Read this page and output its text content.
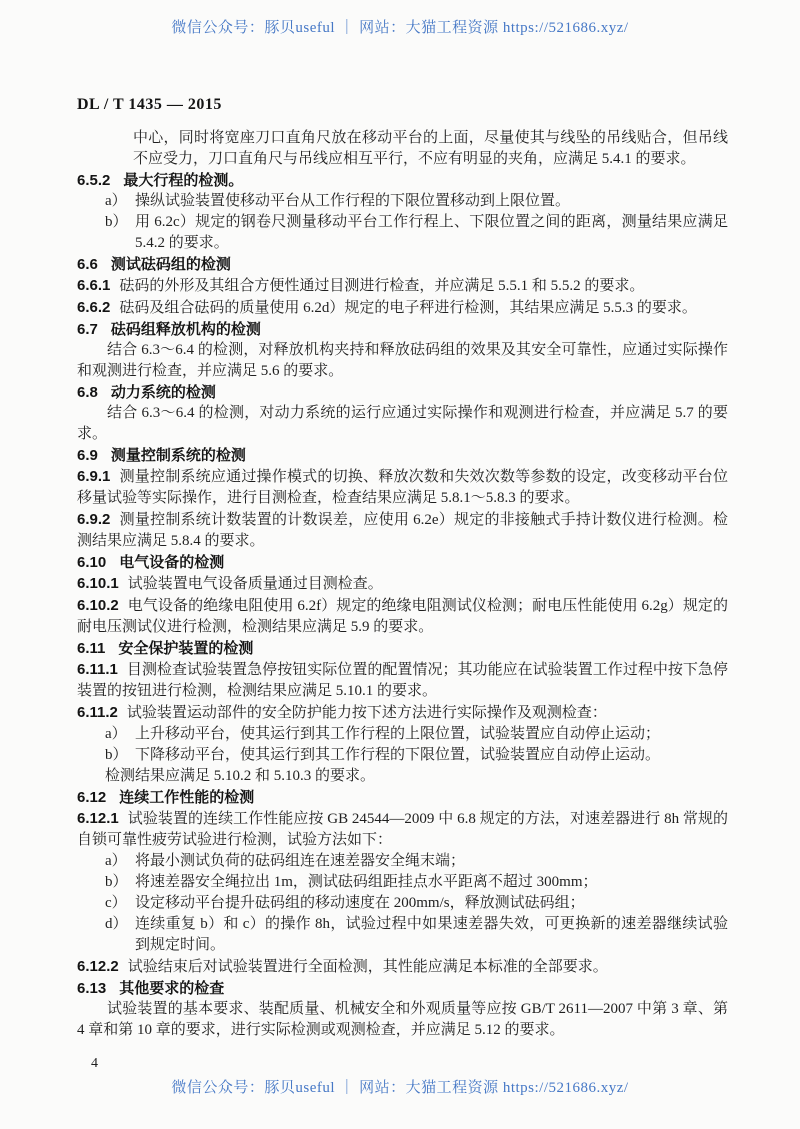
微信公众号：豚贝useful ｜ 网站：大猫工程资源 https://521686.xyz/

DL / T 1435 — 2015

中心，同时将宽座刀口直角尺放在移动平台的上面，尽量使其与线坠的吊线贴合，但吊线不应受力，刀口直角尺与吊线应相互平行，不应有明显的夹角，应满足 5.4.1 的要求。

6.5.2 最大行程的检测。
a） 操纵试验装置使移动平台从工作行程的下限位置移动到上限位置。
b） 用 6.2c）规定的钢卷尺测量移动平台工作行程上、下限位置之间的距离，测量结果应满足 5.4.2 的要求。
6.6 测试砝码组的检测

6.6.1 砝码的外形及其组合方便性通过目测进行检查，并应满足 5.5.1 和 5.5.2 的要求。

6.6.2 砝码及组合砝码的质量使用 6.2d）规定的电子秤进行检测，其结果应满足 5.5.3 的要求。

6.7 砝码组释放机构的检测

结合 6.3～6.4 的检测，对释放机构夹持和释放砝码组的效果及其安全可靠性，应通过实际操作和观测进行检查，并应满足 5.6 的要求。

6.8 动力系统的检测

结合 6.3～6.4 的检测，对动力系统的运行应通过实际操作和观测进行检查，并应满足 5.7 的要求。

6.9 测量控制系统的检测

6.9.1 测量控制系统应通过操作模式的切换、释放次数和失效次数等参数的设定，改变移动平台位移量试验等实际操作，进行目测检查，检查结果应满足 5.8.1～5.8.3 的要求。

6.9.2 测量控制系统计数装置的计数误差，应使用 6.2e）规定的非接触式手持计数仪进行检测。检测结果应满足 5.8.4 的要求。

6.10 电气设备的检测

6.10.1 试验装置电气设备质量通过目测检查。

6.10.2 电气设备的绝缘电阻使用 6.2f）规定的绝缘电阻测试仪检测；耐电压性能使用 6.2g）规定的耐电压测试仪进行检测，检测结果应满足 5.9 的要求。

6.11 安全保护装置的检测

6.11.1 目测检查试验装置急停按钮实际位置的配置情况；其功能应在试验装置工作过程中按下急停装置的按钮进行检测，检测结果应满足 5.10.1 的要求。

6.11.2 试验装置运动部件的安全防护能力按下述方法进行实际操作及观测检查：

a） 上升移动平台，使其运行到其工作行程的上限位置，试验装置应自动停止运动；
b） 下降移动平台，使其运行到其工作行程的下限位置，试验装置应自动停止运动。

检测结果应满足 5.10.2 和 5.10.3 的要求。

6.12 连续工作性能的检测

6.12.1 试验装置的连续工作性能应按 GB 24544—2009 中 6.8 规定的方法，对速差器进行 8h 常规的自锁可靠性疲劳试验进行检测，试验方法如下：

a） 将最小测试负荷的砝码组连在速差器安全绳末端；
b） 将速差器安全绳拉出 1m，测试砝码组距挂点水平距离不超过 300mm；
c） 设定移动平台提升砝码组的移动速度在 200mm/s，释放测试砝码组；
d） 连续重复 b）和 c）的操作 8h，试验过程中如果速差器失效，可更换新的速差器继续试验到规定时间。

6.12.2 试验结束后对试验装置进行全面检测，其性能应满足本标准的全部要求。

6.13 其他要求的检查

试验装置的基本要求、装配质量、机械安全和外观质量等应按 GB/T 2611—2007 中第 3 章、第 4 章和第 10 章的要求，进行实际检测或观测检查，并应满足 5.12 的要求。

4

微信公众号：豚贝useful ｜ 网站：大猫工程资源 https://521686.xyz/
